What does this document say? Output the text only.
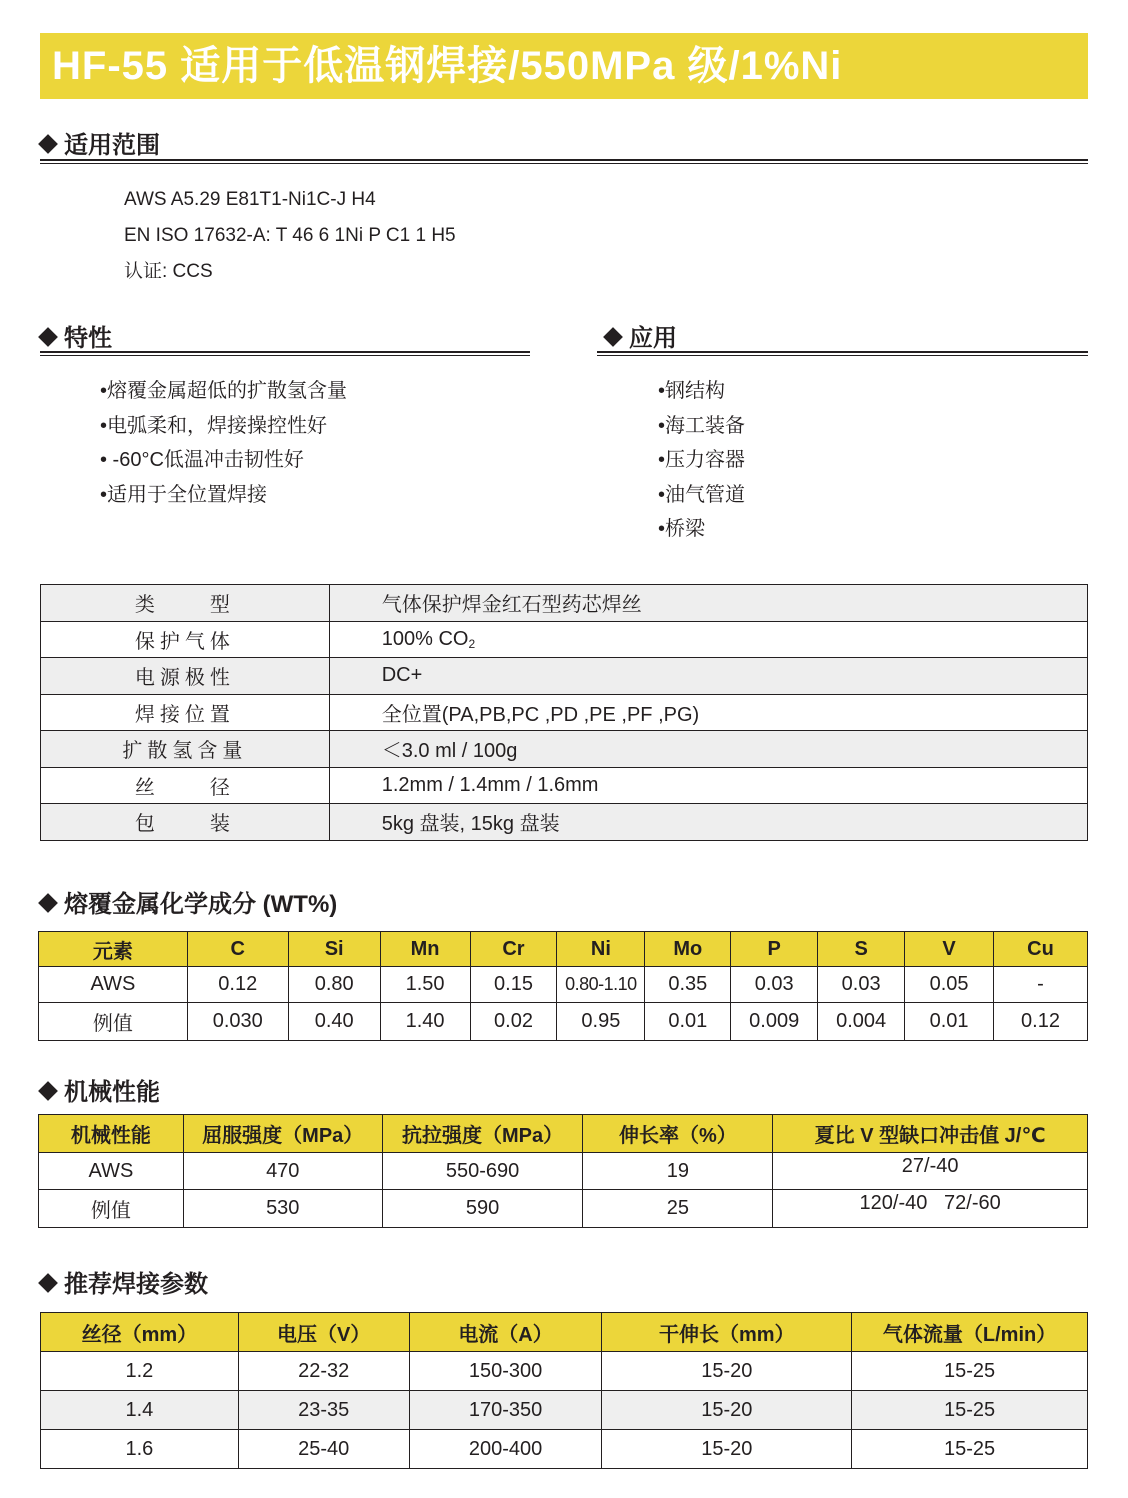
HF-55 适用于低温钢焊接/550MPa 级/1%Ni
适用范围
AWS A5.29 E81T1-Ni1C-J H4
EN ISO 17632-A: T 46 6 1Ni P C1 1 H5
认证: CCS
特性
•熔覆金属超低的扩散氢含量
•电弧柔和，焊接操控性好
• -60°C低温冲击韧性好
•适用于全位置焊接
应用
•钢结构
•海工装备
•压力容器
•油气管道
•桥梁
类　　型	气体保护焊金红石型药芯焊丝
保护气体	100% $CO_2$
电源极性	DC+
焊接位置	全位置(PA,PB,PC ,PD ,PE ,PF ,PG)
扩散氢含量	＜3.0 ml / 100g
丝　　径	1.2mm / 1.4mm / 1.6mm
包　　装	5kg 盘装, 15kg 盘装
熔覆金属化学成分 (WT%)
元素	C	Si	Mn	Cr	Ni	Mo	P	S	V	Cu
AWS	0.12	0.80	1.50	0.15	0.80-1.10	0.35	0.03	0.03	0.05	-
例值	0.030	0.40	1.40	0.02	0.95	0.01	0.009	0.004	0.01	0.12
机械性能
机械性能	屈服强度（MPa）	抗拉强度（MPa）	伸长率（%）	夏比 V 型缺口冲击值 J/℃
AWS	470	550-690	19	27/-40
例值	530	590	25	120/-40   72/-60
推荐焊接参数
丝径（mm）	电压（V）	电流（A）	干伸长（mm）	气体流量（L/min）
1.2	22-32	150-300	15-20	15-25
1.4	23-35	170-350	15-20	15-25
1.6	25-40	200-400	15-20	15-25
